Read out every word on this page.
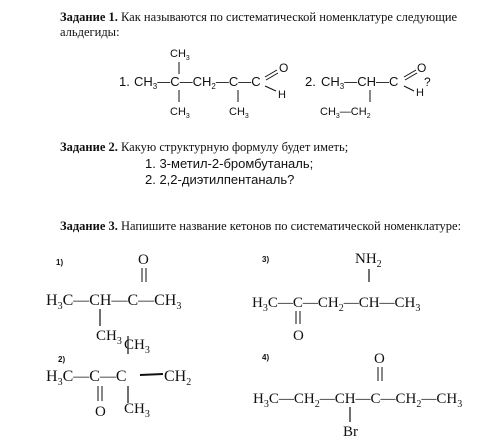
Задание 1. Как называются по систематической номенклатуре следующие
альдегиды:
1. $CH_3—C—CH_2—C—C$
$CH_3$
$CH_3$	$CH_3$
O
H
2. $CH_3—CH—C$
$CH_3—CH_2$
O
H
?
Задание 2. Какую структурную формулу будет иметь;
1. 3-метил-2-бромбутаналь;
2. 2,2-диэтилпентаналь?
Задание 3. Напишите название кетонов по систематической номенклатуре:
1)
2)
3)
4)
O
$H_3C—CH—C—CH_3$
$CH_3$ $CH_3$
$H_3C—C—C$ $CH_2$
O $CH_3$
$NH_2$
$H_3C—C—CH_2—CH—CH_3$
O
O
$H_3C—CH_2—CH—C—CH_2—CH_3$
Br
